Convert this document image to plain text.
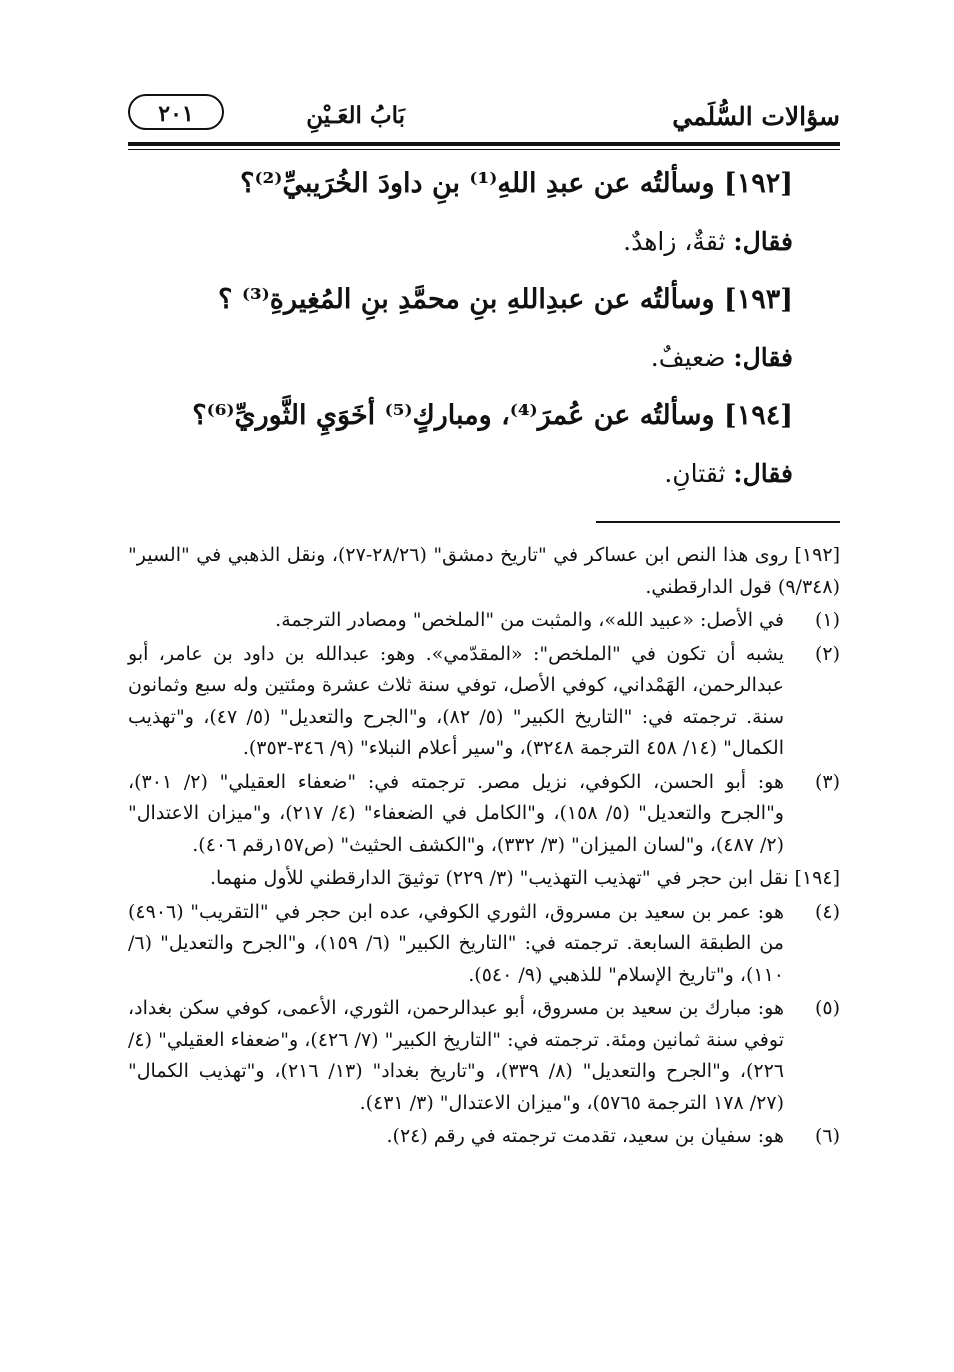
سؤالات السُّلَمي
بَابُ العَـيْنِ
٢٠١
[١٩٢] وسألتُه عن عبدِ اللهِ⁽¹⁾ بنِ داودَ الخُرَيبيِّ⁽²⁾؟
فقال: ثقةٌ، زاهدٌ.
[١٩٣] وسألتُه عن عبدِاللهِ بنِ محمَّدِ بنِ المُغِيرةِ⁽³⁾ ؟
فقال: ضعيفٌ.
[١٩٤] وسألتُه عن عُمرَ⁽⁴⁾، ومباركٍ⁽⁵⁾ أخَوَيِ الثَّوريِّ⁽⁶⁾؟
فقال: ثقتانِ.
[١٩٢] روى هذا النص ابن عساكر في "تاريخ دمشق" (٢٨/٢٦-٢٧)، ونقل الذهبي في "السير" (٩/٣٤٨) قول الدارقطني.
(١)
في الأصل: «عبيد الله»، والمثبت من "الملخص" ومصادر الترجمة.
(٢)
يشبه أن تكون في "الملخص": «المقدّمي». وهو: عبدالله بن داود بن عامر، أبو عبدالرحمن، الهَمْداني، كوفي الأصل، توفي سنة ثلاث عشرة ومئتين وله سبع وثمانون سنة. ترجمته في: "التاريخ الكبير" (٥/ ٨٢)، و"الجرح والتعديل" (٥/ ٤٧)، و"تهذيب الكمال" (١٤/ ٤٥٨ الترجمة ٣٢٤٨)، و"سير أعلام النبلاء" (٩/ ٣٤٦-٣٥٣).
(٣)
هو: أبو الحسن، الكوفي، نزيل مصر. ترجمته في: "ضعفاء العقيلي" (٢/ ٣٠١)، و"الجرح والتعديل" (٥/ ١٥٨)، و"الكامل في الضعفاء" (٤/ ٢١٧)، و"ميزان الاعتدال" (٢/ ٤٨٧)، و"لسان الميزان" (٣/ ٣٣٢)، و"الكشف الحثيث" (ص١٥٧رقم ٤٠٦).
[١٩٤] نقل ابن حجر في "تهذيب التهذيب" (٣/ ٢٢٩) توثيقَ الدارقطني للأول منهما.
(٤)
هو: عمر بن سعيد بن مسروق، الثوري الكوفي، عده ابن حجر في "التقريب" (٤٩٠٦) من الطبقة السابعة. ترجمته في: "التاريخ الكبير" (٦/ ١٥٩)، و"الجرح والتعديل" (٦/ ١١٠)، و"تاريخ الإسلام" للذهبي (٩/ ٥٤٠).
(٥)
هو: مبارك بن سعيد بن مسروق، أبو عبدالرحمن، الثوري، الأعمى، كوفي سكن بغداد، توفي سنة ثمانين ومئة. ترجمته في: "التاريخ الكبير" (٧/ ٤٢٦)، و"ضعفاء العقيلي" (٤/ ٢٢٦)، و"الجرح والتعديل" (٨/ ٣٣٩)، و"تاريخ بغداد" (١٣/ ٢١٦)، و"تهذيب الكمال" (٢٧/ ١٧٨ الترجمة ٥٧٦٥)، و"ميزان الاعتدال" (٣/ ٤٣١).
(٦)
هو: سفيان بن سعيد، تقدمت ترجمته في رقم (٢٤).
